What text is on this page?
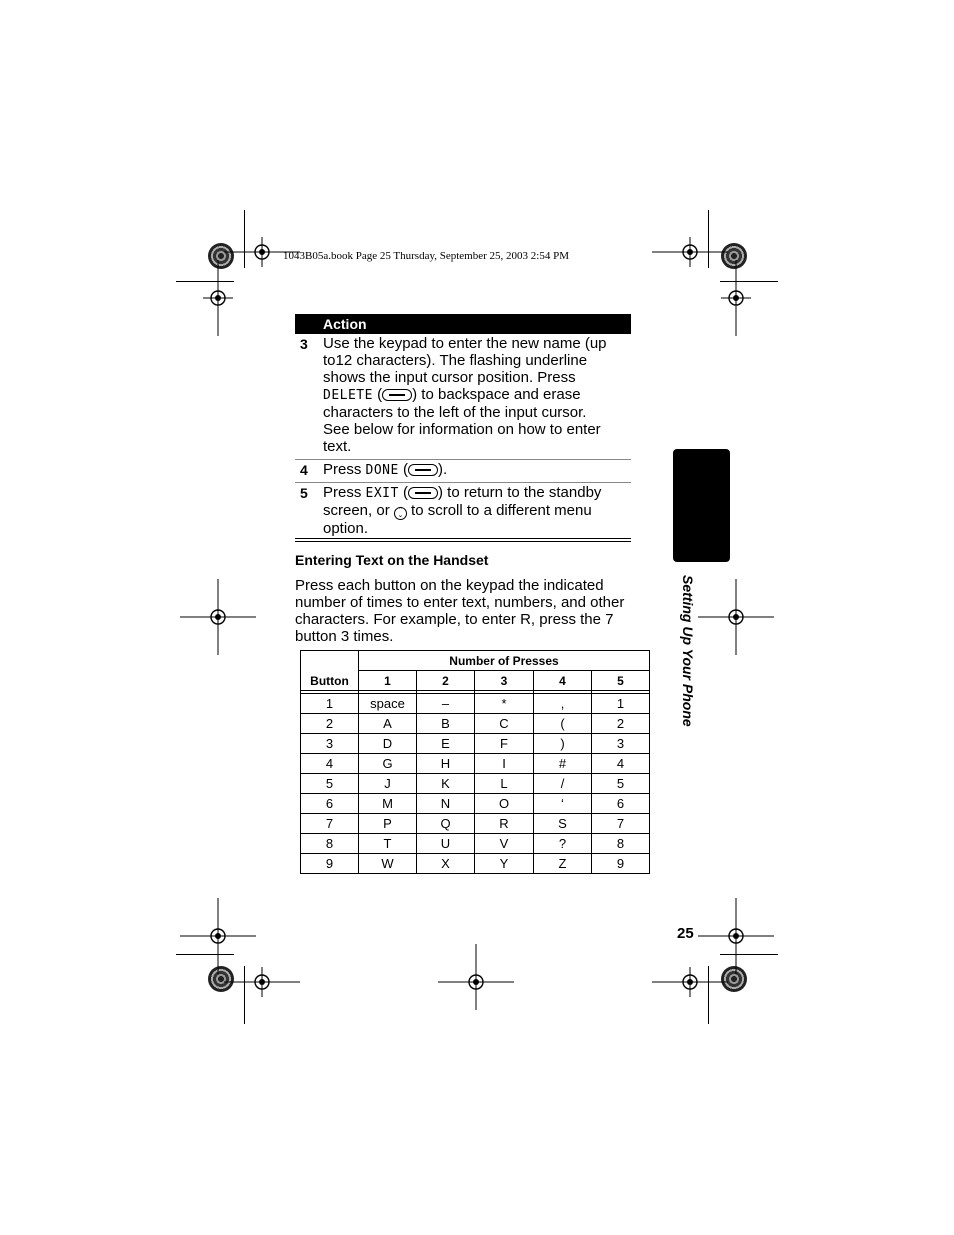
1043B05a.book Page 25 Thursday, September 25, 2003 2:54 PM
Action
3 Use the keypad to enter the new name (up
to12 characters). The flashing underline
shows the input cursor position. Press
DELETE ( ) to backspace and erase
characters to the left of the input cursor.
See below for information on how to enter
text.
4 Press DONE ( ).
5 Press EXIT ( ) to return to the standby
screen, or ⌃
⌄ to scroll to a different menu
option.
Entering Text on the Handset
Press each button on the keypad the indicated number of times to enter text, numbers, and other characters. For example, to enter R, press the 7 button 3 times.
Button	Number of Presses				
	1	2	3	4	5

1	space	–	*	,	1
2	A	B	C	(	2
3	D	E	F	)	3
4	G	H	I	#	4
5	J	K	L	/	5
6	M	N	O	‘	6
7	P	Q	R	S	7
8	T	U	V	?	8
9	W	X	Y	Z	9
Setting Up Your Phone
25
